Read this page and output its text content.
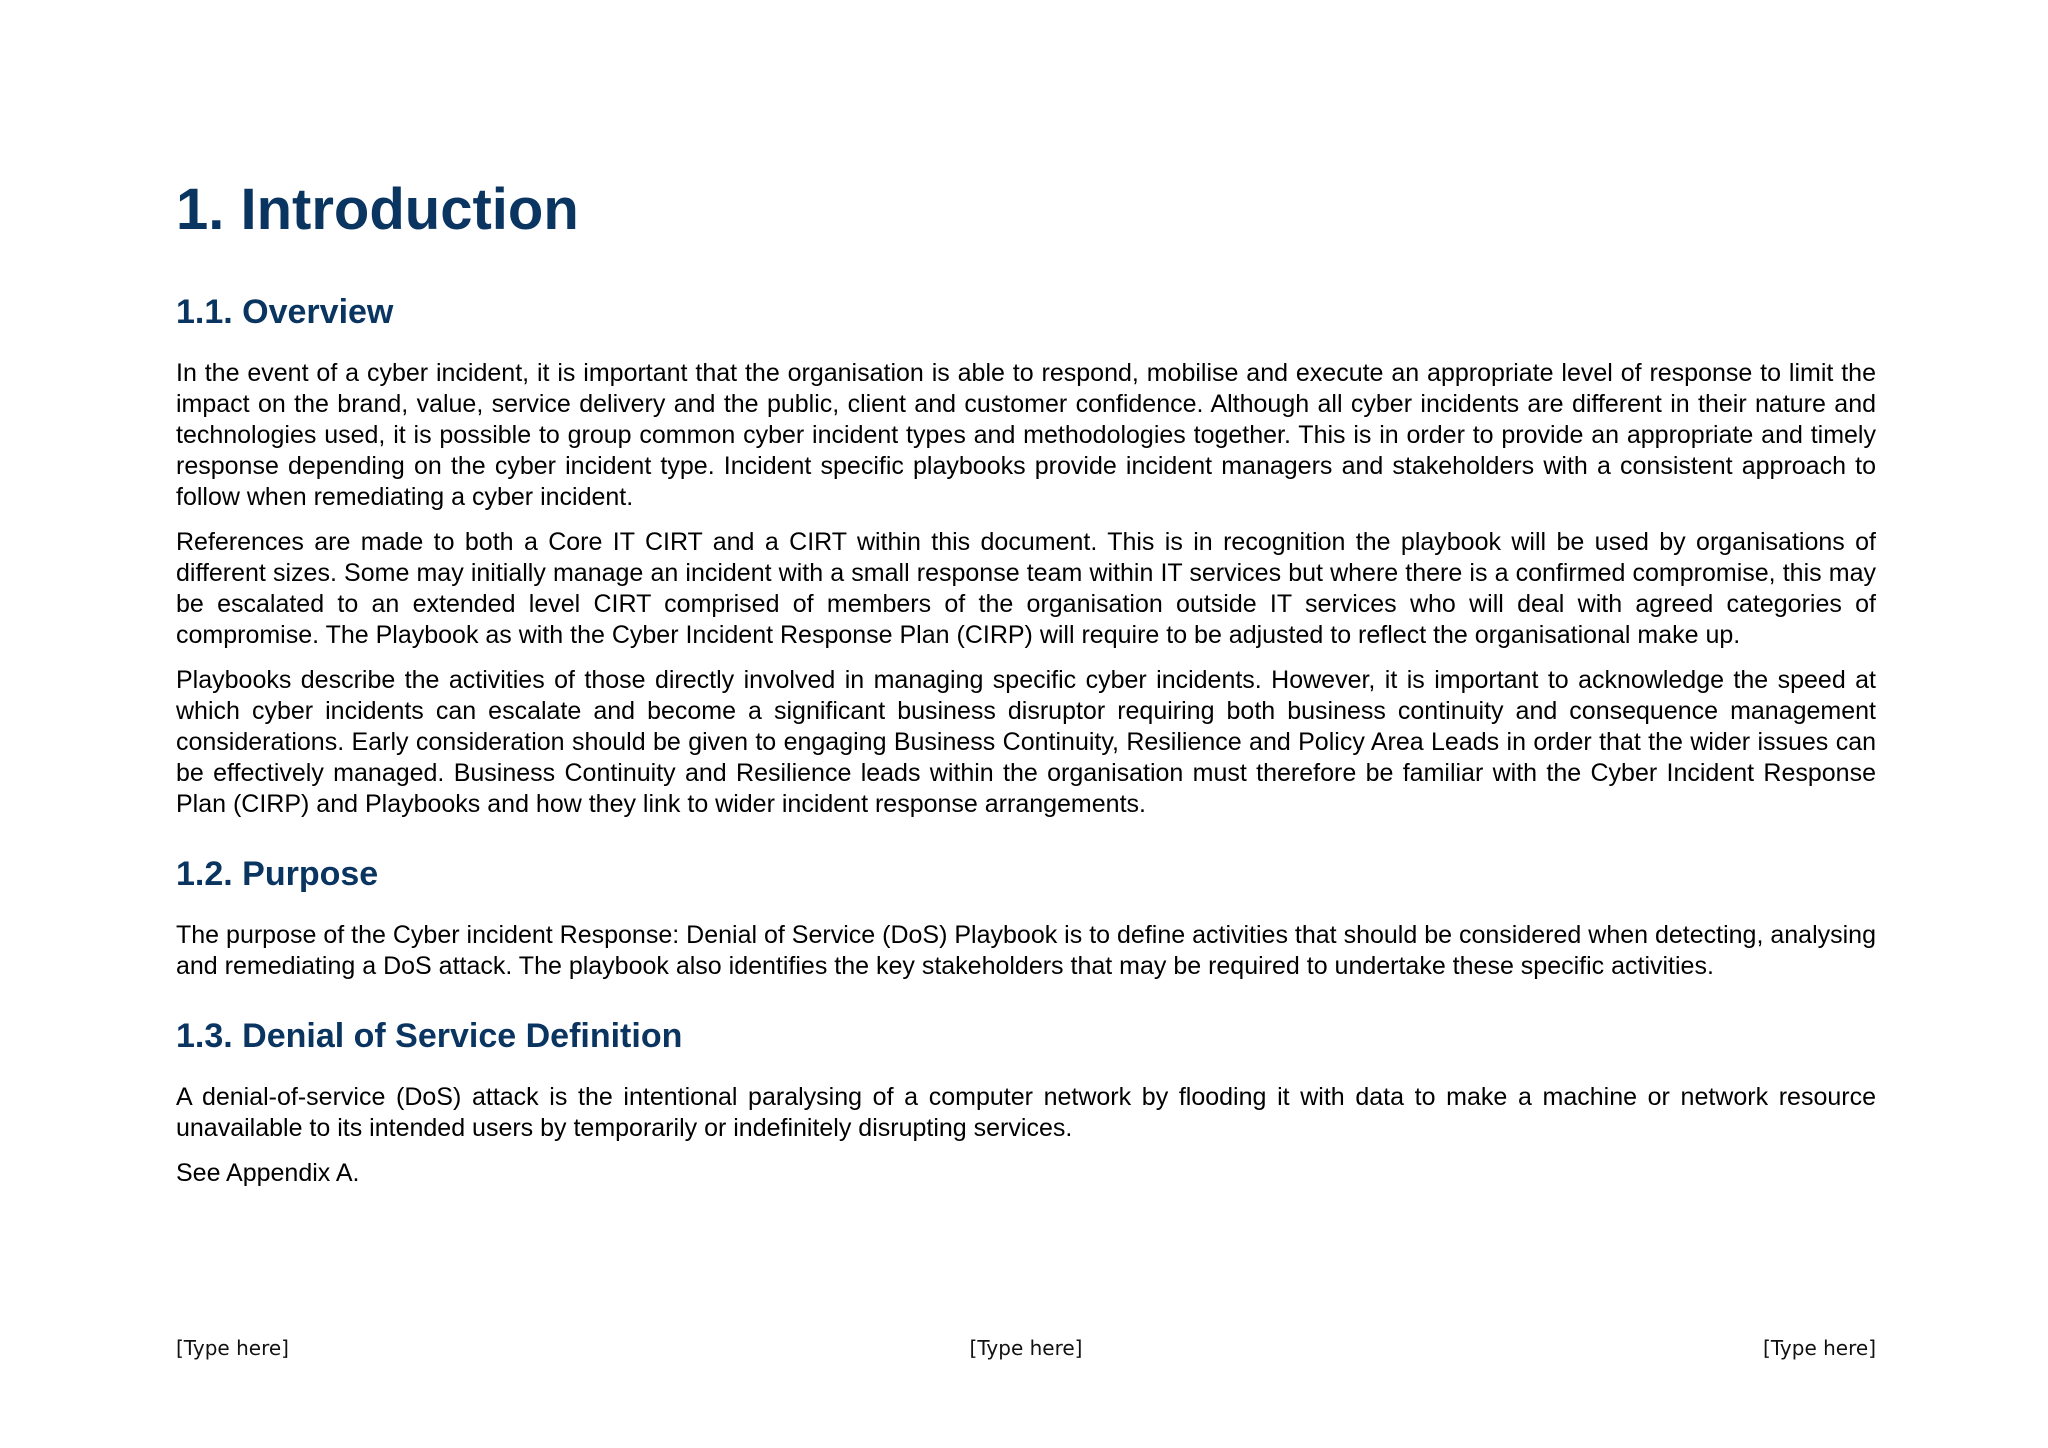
1. Introduction
1.1. Overview

In the event of a cyber incident, it is important that the organisation is able to respond, mobilise and execute an appropriate level of response to limit the impact on the brand, value, service delivery and the public, client and customer confidence. Although all cyber incidents are different in their nature and technologies used, it is possible to group common cyber incident types and methodologies together. This is in order to provide an appropriate and timely response depending on the cyber incident type. Incident specific playbooks provide incident managers and stakeholders with a consistent approach to follow when remediating a cyber incident.

References are made to both a Core IT CIRT and a CIRT within this document. This is in recognition the playbook will be used by organisations of different sizes. Some may initially manage an incident with a small response team within IT services but where there is a confirmed compromise, this may be escalated to an extended level CIRT comprised of members of the organisation outside IT services who will deal with agreed categories of compromise. The Playbook as with the Cyber Incident Response Plan (CIRP) will require to be adjusted to reflect the organisational make up.

Playbooks describe the activities of those directly involved in managing specific cyber incidents. However, it is important to acknowledge the speed at which cyber incidents can escalate and become a significant business disruptor requiring both business continuity and consequence management considerations. Early consideration should be given to engaging Business Continuity, Resilience and Policy Area Leads in order that the wider issues can be effectively managed. Business Continuity and Resilience leads within the organisation must therefore be familiar with the Cyber Incident Response Plan (CIRP) and Playbooks and how they link to wider incident response arrangements.

1.2. Purpose

The purpose of the Cyber incident Response: Denial of Service (DoS) Playbook is to define activities that should be considered when detecting, analysing and remediating a DoS attack. The playbook also identifies the key stakeholders that may be required to undertake these specific activities.

1.3. Denial of Service Definition

A denial-of-service (DoS) attack is the intentional paralysing of a computer network by flooding it with data to make a machine or network resource unavailable to its intended users by temporarily or indefinitely disrupting services.

See Appendix A.

[Type here]	[Type here]	[Type here]
